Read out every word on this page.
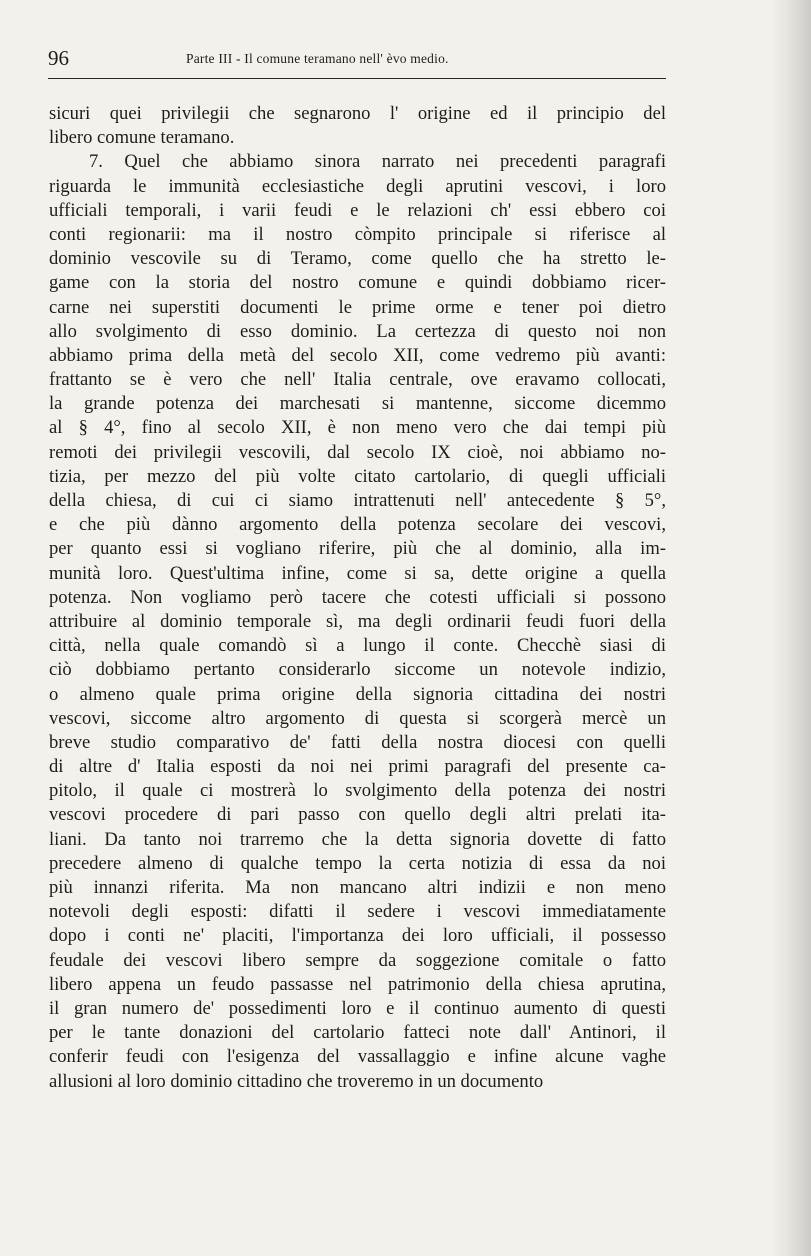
96	Parte III - Il comune teramano nell' èvo medio.
sicuri quei privilegii che segnarono l' origine ed il principio del
libero comune teramano.
7. Quel che abbiamo sinora narrato nei precedenti paragrafi
riguarda le immunità ecclesiastiche degli aprutini vescovi, i loro
ufficiali temporali, i varii feudi e le relazioni ch' essi ebbero coi
conti regionarii: ma il nostro còmpito principale si riferisce al
dominio vescovile su di Teramo, come quello che ha stretto le-
game con la storia del nostro comune e quindi dobbiamo ricer-
carne nei superstiti documenti le prime orme e tener poi dietro
allo svolgimento di esso dominio. La certezza di questo noi non
abbiamo prima della metà del secolo XII, come vedremo più avanti:
frattanto se è vero che nell' Italia centrale, ove eravamo collocati,
la grande potenza dei marchesati si mantenne, siccome dicemmo
al § 4°, fino al secolo XII, è non meno vero che dai tempi più
remoti dei privilegii vescovili, dal secolo IX cioè, noi abbiamo no-
tizia, per mezzo del più volte citato cartolario, di quegli ufficiali
della chiesa, di cui ci siamo intrattenuti nell' antecedente § 5°,
e che più dànno argomento della potenza secolare dei vescovi,
per quanto essi si vogliano riferire, più che al dominio, alla im-
munità loro. Quest'ultima infine, come si sa, dette origine a quella
potenza. Non vogliamo però tacere che cotesti ufficiali si possono
attribuire al dominio temporale sì, ma degli ordinarii feudi fuori della
città, nella quale comandò sì a lungo il conte. Checchè siasi di
ciò dobbiamo pertanto considerarlo siccome un notevole indizio,
o almeno quale prima origine della signoria cittadina dei nostri
vescovi, siccome altro argomento di questa si scorgerà mercè un
breve studio comparativo de' fatti della nostra diocesi con quelli
di altre d' Italia esposti da noi nei primi paragrafi del presente ca-
pitolo, il quale ci mostrerà lo svolgimento della potenza dei nostri
vescovi procedere di pari passo con quello degli altri prelati ita-
liani. Da tanto noi trarremo che la detta signoria dovette di fatto
precedere almeno di qualche tempo la certa notizia di essa da noi
più innanzi riferita. Ma non mancano altri indizii e non meno
notevoli degli esposti: difatti il sedere i vescovi immediatamente
dopo i conti ne' placiti, l'importanza dei loro ufficiali, il possesso
feudale dei vescovi libero sempre da soggezione comitale o fatto
libero appena un feudo passasse nel patrimonio della chiesa aprutina,
il gran numero de' possedimenti loro e il continuo aumento di questi
per le tante donazioni del cartolario fatteci note dall' Antinori, il
conferir feudi con l'esigenza del vassallaggio e infine alcune vaghe
allusioni al loro dominio cittadino che troveremo in un documento
